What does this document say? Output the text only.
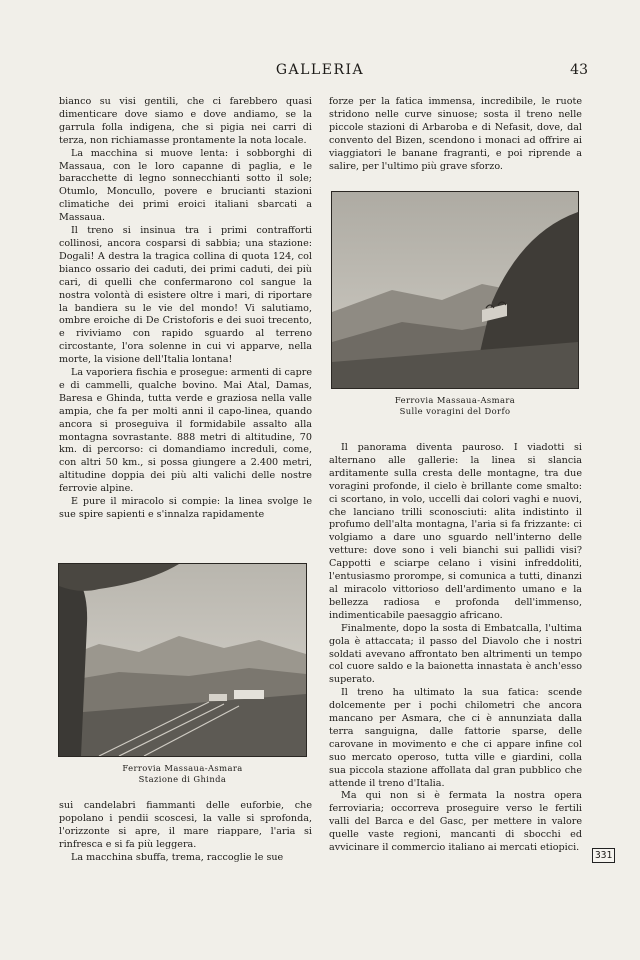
GALLERIA	43

bianco su visi gentili, che ci farebbero quasi dimenticare dove siamo e dove andiamo, se la garrula folla indigena, che si pigia nei carri di terza, non richiamasse prontamente la nota locale.

La macchina si muove lenta: i sobborghi di Massaua, con le loro capanne di paglia, e le baracchette di legno sonnecchianti sotto il sole; Otumlo, Moncullo, povere e brucianti stazioni climatiche dei primi eroici italiani sbarcati a Massaua.

Il treno si insinua tra i primi contrafforti collinosi, ancora cosparsi di sabbia; una stazione: Dogali! A destra la tragica collina di quota 124, col bianco ossario dei caduti, dei primi caduti, dei più cari, di quelli che confermarono col sangue la nostra volontà di esistere oltre i mari, di riportare la bandiera su le vie del mondo! Vi salutiamo, ombre eroiche di De Cristoforis e dei suoi trecento, e riviviamo con rapido sguardo al terreno circostante, l'ora solenne in cui vi apparve, nella morte, la visione dell'Italia lontana!

La vaporiera fischia e prosegue: armenti di capre e di cammelli, qualche bovino. Mai Atal, Damas, Baresa e Ghinda, tutta verde e graziosa nella valle ampia, che fa per molti anni il capo-linea, quando ancora si proseguiva il formidabile assalto alla montagna sovrastante. 888 metri di altitudine, 70 km. di percorso: ci domandiamo increduli, come, con altri 50 km., si possa giungere a 2.400 metri, altitudine doppia dei più alti valichi delle nostre ferrovie alpine.

E pure il miracolo si compie: la linea svolge le sue spire sapienti e s'innalza rapidamente

Ferrovia Massaua-Asmara
Stazione di Ghinda

sui candelabri fiammanti delle euforbie, che popolano i pendii scoscesi, la valle si sprofonda, l'orizzonte si apre, il mare riappare, l'aria si rinfresca e si fa più leggera.

La macchina sbuffa, trema, raccoglie le sue

forze per la fatica immensa, incredibile, le ruote stridono nelle curve sinuose; sosta il treno nelle piccole stazioni di Arbaroba e di Nefasit, dove, dal convento del Bizen, scendono i monaci ad offrire ai viaggiatori le banane fragranti, e poi riprende a salire, per l'ultimo più grave sforzo.

Ferrovia Massaua-Asmara
Sulle voragini del Dorfo

Il panorama diventa pauroso. I viadotti si alternano alle gallerie: la linea si slancia arditamente sulla cresta delle montagne, tra due voragini profonde, il cielo è brillante come smalto: ci scortano, in volo, uccelli dai colori vaghi e nuovi, che lanciano trilli sconosciuti: alita indistinto il profumo dell'alta montagna, l'aria si fa frizzante: ci volgiamo a dare uno sguardo nell'interno delle vetture: dove sono i veli bianchi sui pallidi visi? Cappotti e sciarpe celano i visini infreddoliti, l'entusiasmo prorompe, si comunica a tutti, dinanzi al miracolo vittorioso dell'ardimento umano e la bellezza radiosa e profonda dell'immenso, indimenticabile paesaggio africano.

Finalmente, dopo la sosta di Embatcalla, l'ultima gola è attaccata; il passo del Diavolo che i nostri soldati avevano affrontato ben altrimenti un tempo col cuore saldo e la baionetta innastata è anch'esso superato.

Il treno ha ultimato la sua fatica: scende dolcemente per i pochi chilometri che ancora mancano per Asmara, che ci è annunziata dalla terra sanguigna, dalle fattorie sparse, delle carovane in movimento e che ci appare infine col suo mercato operoso, tutta ville e giardini, colla sua piccola stazione affollata dal gran pubblico che attende il treno d'Italia.

Ma qui non si è fermata la nostra opera ferroviaria; occorreva proseguire verso le fertili valli del Barca e del Gasc, per mettere in valore quelle vaste regioni, mancanti di sbocchi ed avvicinare il commercio italiano ai mercati etiopici.

331
